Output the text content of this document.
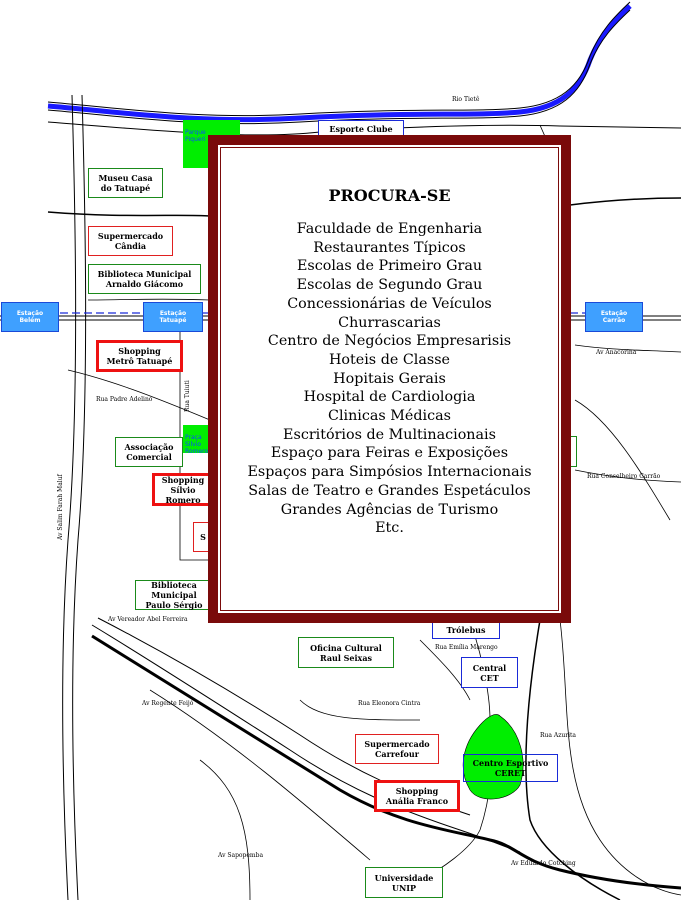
Parque
Piqueri

Praça
Silvio
Romero

Estação
Belém
Estação
Tatuapé
Estação
Carrão
Museu Casa
do Tatuapé
Supermercado
Cândia
Biblioteca Municipal
Arnaldo Giácomo
Shopping
Metrô Tatuapé
Associação
Comercial
Shopping
Sílvio Romero
S
Biblioteca Municipal
Paulo Sérgio
Esporte Clube
Trólebus
Oficina Cultural
Raul Seixas
Central
CET
Supermercado
Carrefour
Centro Esportivo
CERET
Shopping
Anália Franco
Universidade
UNIP
Rio Tietê
Av Anacorina
Rua Padre Adelino	Rua Tuiuti
Av Salim Farah Maluf	Rua Conselheiro Carrão
Av Vereador Abel Ferreira
Av Regente Feijó
Rua Emília Marengo
Rua Eleonora Cintra
Rua Azurita
Av Sapopemba
Av Eduardo Cotching
PROCURA-SE
Faculdade de Engenharia
Restaurantes Típicos
Escolas de Primeiro Grau
Escolas de Segundo Grau
Concessionárias de Veículos
Churrascarias
Centro de Negócios Empresarisis
Hoteis de Classe
Hopitais Gerais
Hospital de Cardiologia
Clinicas Médicas
Escritórios de Multinacionais
Espaço para Feiras e Exposições
Espaços para Simpósios Internacionais
Salas de Teatro e Grandes Espetáculos
Grandes Agências de Turismo
Etc.
